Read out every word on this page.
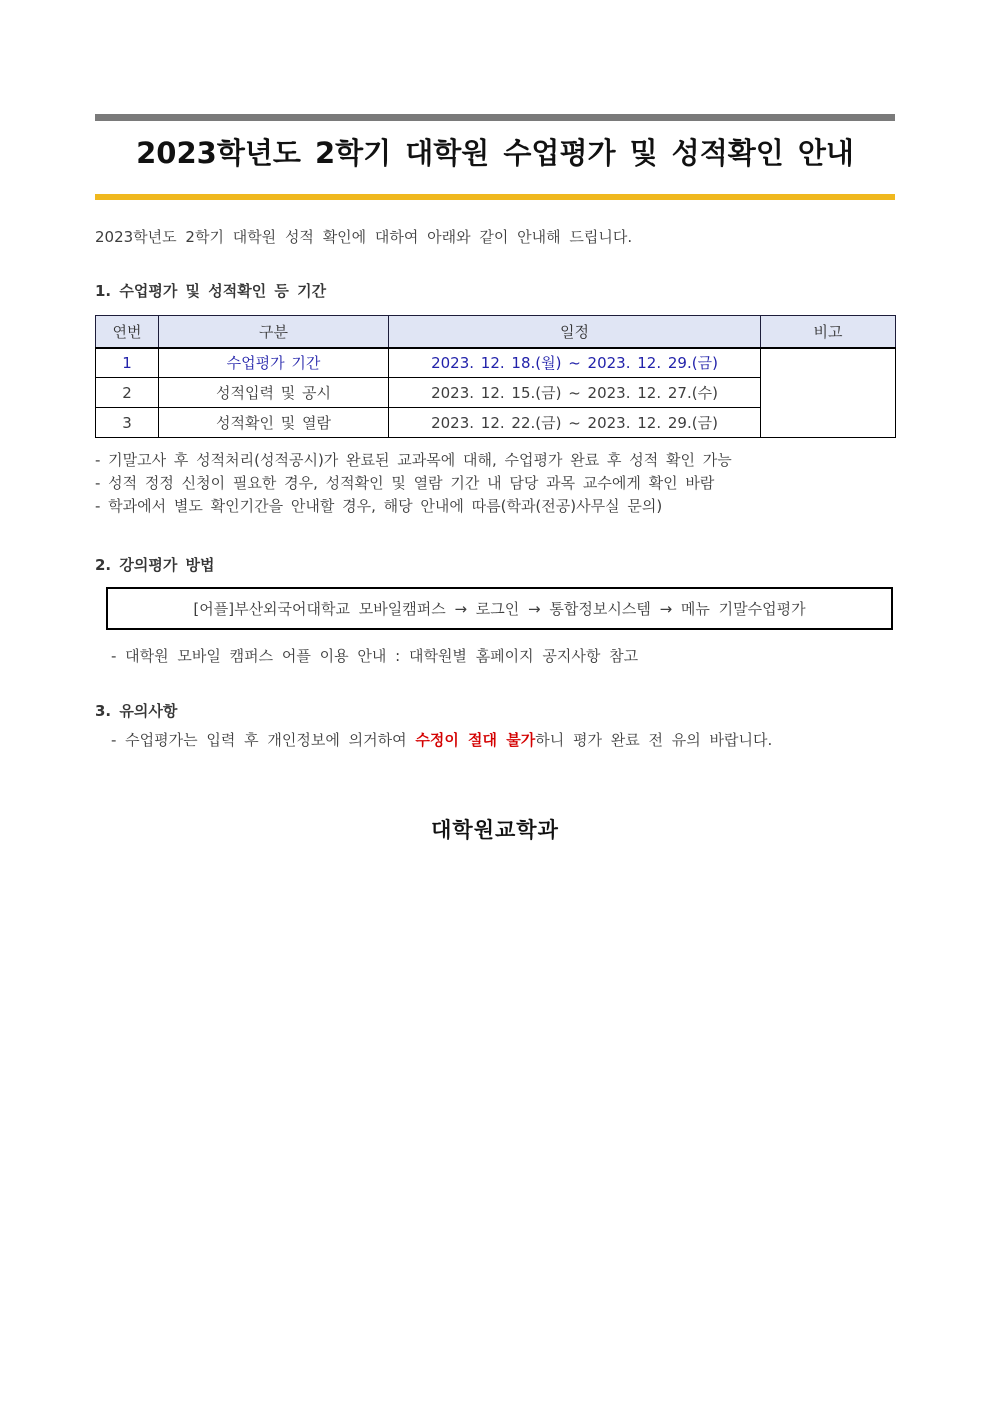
2023학년도 2학기 대학원 수업평가 및 성적확인 안내

2023학년도 2학기 대학원 성적 확인에 대하여 아래와 같이 안내해 드립니다.

1. 수업평가 및 성적확인 등 기간
연번	구분	일정	비고
1	수업평가 기간	2023. 12. 18.(월) ~ 2023. 12. 29.(금)	
2	성적입력 및 공시	2023. 12. 15.(금) ~ 2023. 12. 27.(수)	
3	성적확인 및 열람	2023. 12. 22.(금) ~ 2023. 12. 29.(금)	

- 기말고사 후 성적처리(성적공시)가 완료된 교과목에 대해, 수업평가 완료 후 성적 확인 가능

- 성적 정정 신청이 필요한 경우, 성적확인 및 열람 기간 내 담당 과목 교수에게 확인 바람

- 학과에서 별도 확인기간을 안내할 경우, 해당 안내에 따름(학과(전공)사무실 문의)

2. 강의평가 방법
[어플]부산외국어대학교 모바일캠퍼스 → 로그인 → 통합정보시스템 → 메뉴 기말수업평가

- 대학원 모바일 캠퍼스 어플 이용 안내 : 대학원별 홈페이지 공지사항 참고

3. 유의사항

- 수업평가는 입력 후 개인정보에 의거하여 수정이 절대 불가하니 평가 완료 전 유의 바랍니다.

대학원교학과
